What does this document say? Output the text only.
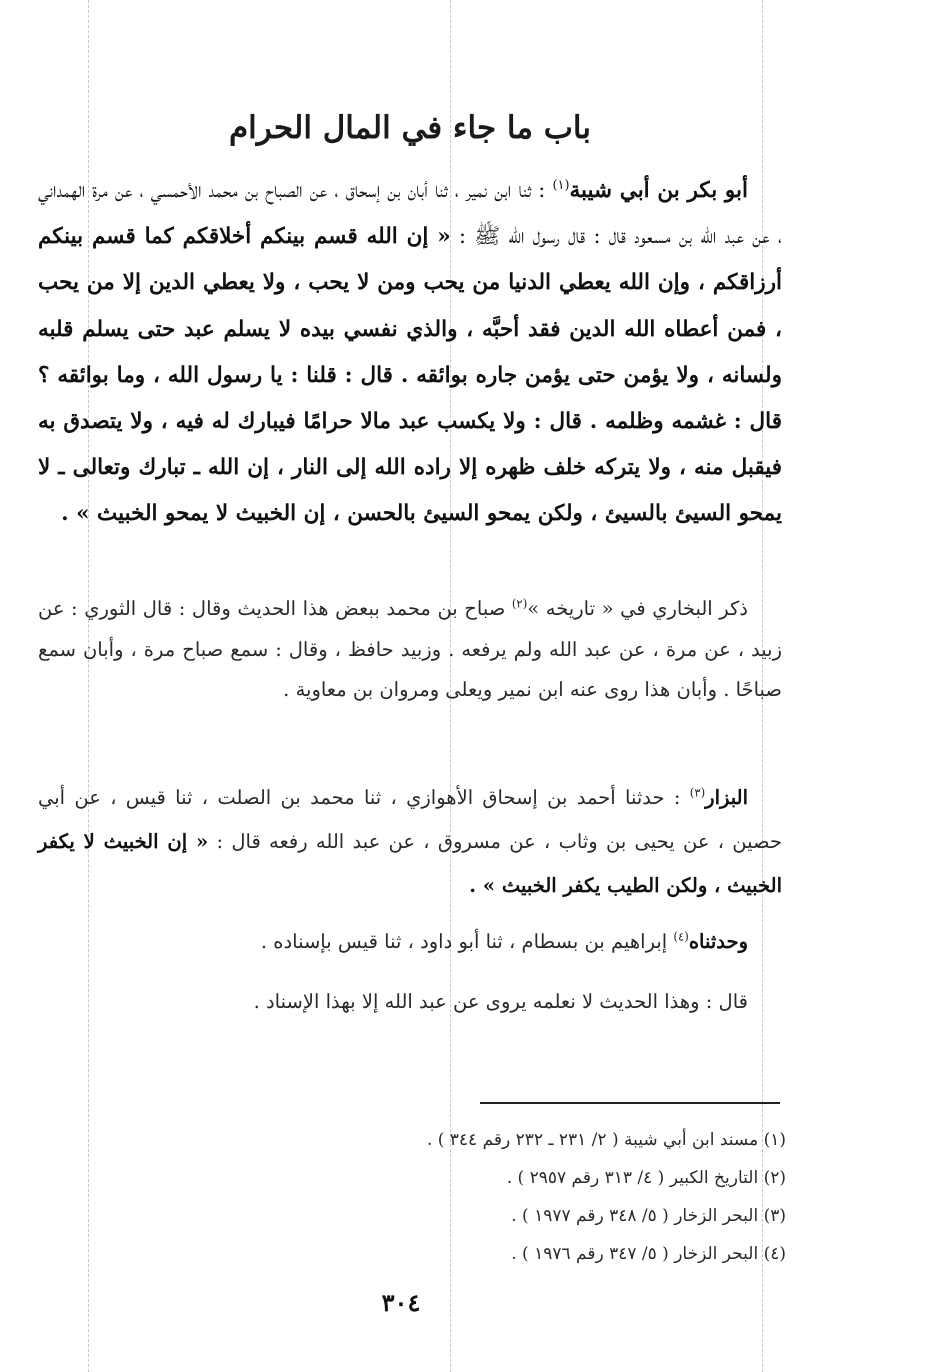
باب ما جاء في المال الحرام
أبو بكر بن أبي شيبة$^{(١)}$ : ثنا ابن نمير ، ثنا أبان بن إسحاق ، عن الصباح بن محمد الأحمسي ، عن مرة الهمداني ، عن عبد الله بن مسعود قال : قال رسول الله ﷺ : « إن الله قسم بينكم أخلاقكم كما قسم بينكم أرزاقكم ، وإن الله يعطي الدنيا من يحب ومن لا يحب ، ولا يعطي الدين إلا من يحب ، فمن أعطاه الله الدين فقد أحبَّه ، والذي نفسي بيده لا يسلم عبد حتى يسلم قلبه ولسانه ، ولا يؤمن حتى يؤمن جاره بوائقه . قال : قلنا : يا رسول الله ، وما بوائقه ؟ قال : غشمه وظلمه . قال : ولا يكسب عبد مالا حرامًا فيبارك له فيه ، ولا يتصدق به فيقبل منه ، ولا يتركه خلف ظهره إلا راده الله إلى النار ، إن الله ـ تبارك وتعالى ـ لا يمحو السيئ بالسيئ ، ولكن يمحو السيئ بالحسن ، إن الخبيث لا يمحو الخبيث » .
ذكر البخاري في « تاريخه »$^{(٢)}$ صباح بن محمد ببعض هذا الحديث وقال : قال الثوري : عن زبيد ، عن مرة ، عن عبد الله ولم يرفعه . وزبيد حافظ ، وقال : سمع صباح مرة ، وأبان سمع صباحًا . وأبان هذا روى عنه ابن نمير ويعلى ومروان بن معاوية .
البزار$^{(٣)}$ : حدثنا أحمد بن إسحاق الأهوازي ، ثنا محمد بن الصلت ، ثنا قيس ، عن أبي حصين ، عن يحيى بن وثاب ، عن مسروق ، عن عبد الله رفعه قال : « إن الخبيث لا يكفر الخبيث ، ولكن الطيب يكفر الخبيث » .
وحدثناه$^{(٤)}$ إبراهيم بن بسطام ، ثنا أبو داود ، ثنا قيس بإسناده .
قال : وهذا الحديث لا نعلمه يروى عن عبد الله إلا بهذا الإسناد .
(١) مسند ابن أبي شيبة ( ٢/ ٢٣١ ـ ٢٣٢ رقم ٣٤٤ ) .
(٢) التاريخ الكبير ( ٤/ ٣١٣ رقم ٢٩٥٧ ) .
(٣) البحر الزخار ( ٥/ ٣٤٨ رقم ١٩٧٧ ) .
(٤) البحر الزخار ( ٥/ ٣٤٧ رقم ١٩٧٦ ) .
٣٠٤
